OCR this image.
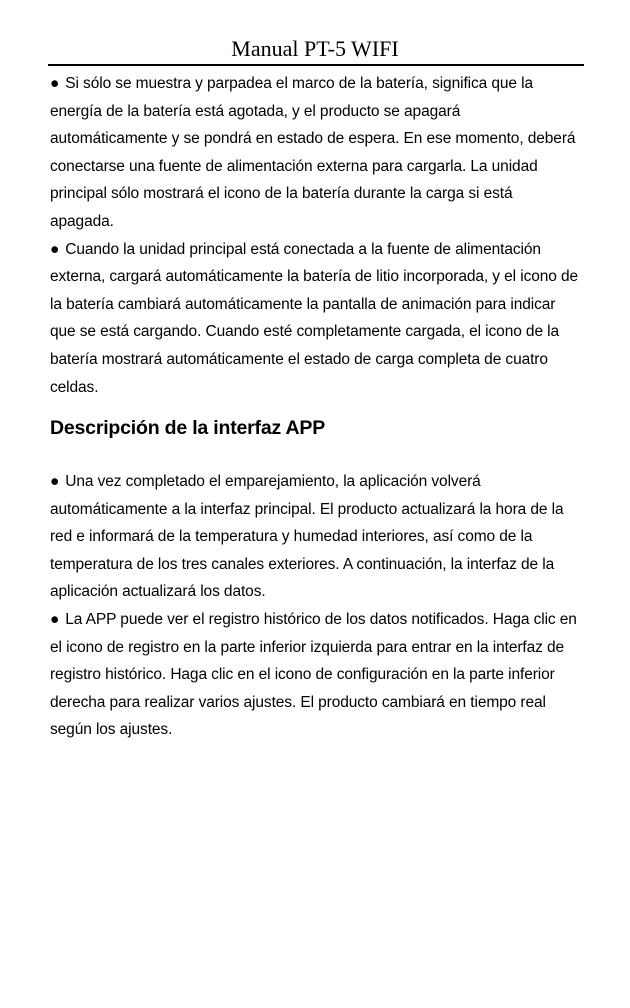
Manual PT-5 WIFI

● Si sólo se muestra y parpadea el marco de la batería, significa que la energía de la batería está agotada, y el producto se apagará automáticamente y se pondrá en estado de espera. En ese momento, deberá conectarse una fuente de alimentación externa para cargarla. La unidad principal sólo mostrará el icono de la batería durante la carga si está apagada.

● Cuando la unidad principal está conectada a la fuente de alimentación externa, cargará automáticamente la batería de litio incorporada, y el icono de la batería cambiará automáticamente la pantalla de animación para indicar que se está cargando. Cuando esté completamente cargada, el icono de la batería mostrará automáticamente el estado de carga completa de cuatro celdas.

Descripción de la interfaz APP

● Una vez completado el emparejamiento, la aplicación volverá automáticamente a la interfaz principal. El producto actualizará la hora de la red e informará de la temperatura y humedad interiores, así como de la temperatura de los tres canales exteriores. A continuación, la interfaz de la aplicación actualizará los datos.

● La APP puede ver el registro histórico de los datos notificados. Haga clic en el icono de registro en la parte inferior izquierda para entrar en la interfaz de registro histórico. Haga clic en el icono de configuración en la parte inferior derecha para realizar varios ajustes. El producto cambiará en tiempo real según los ajustes.
